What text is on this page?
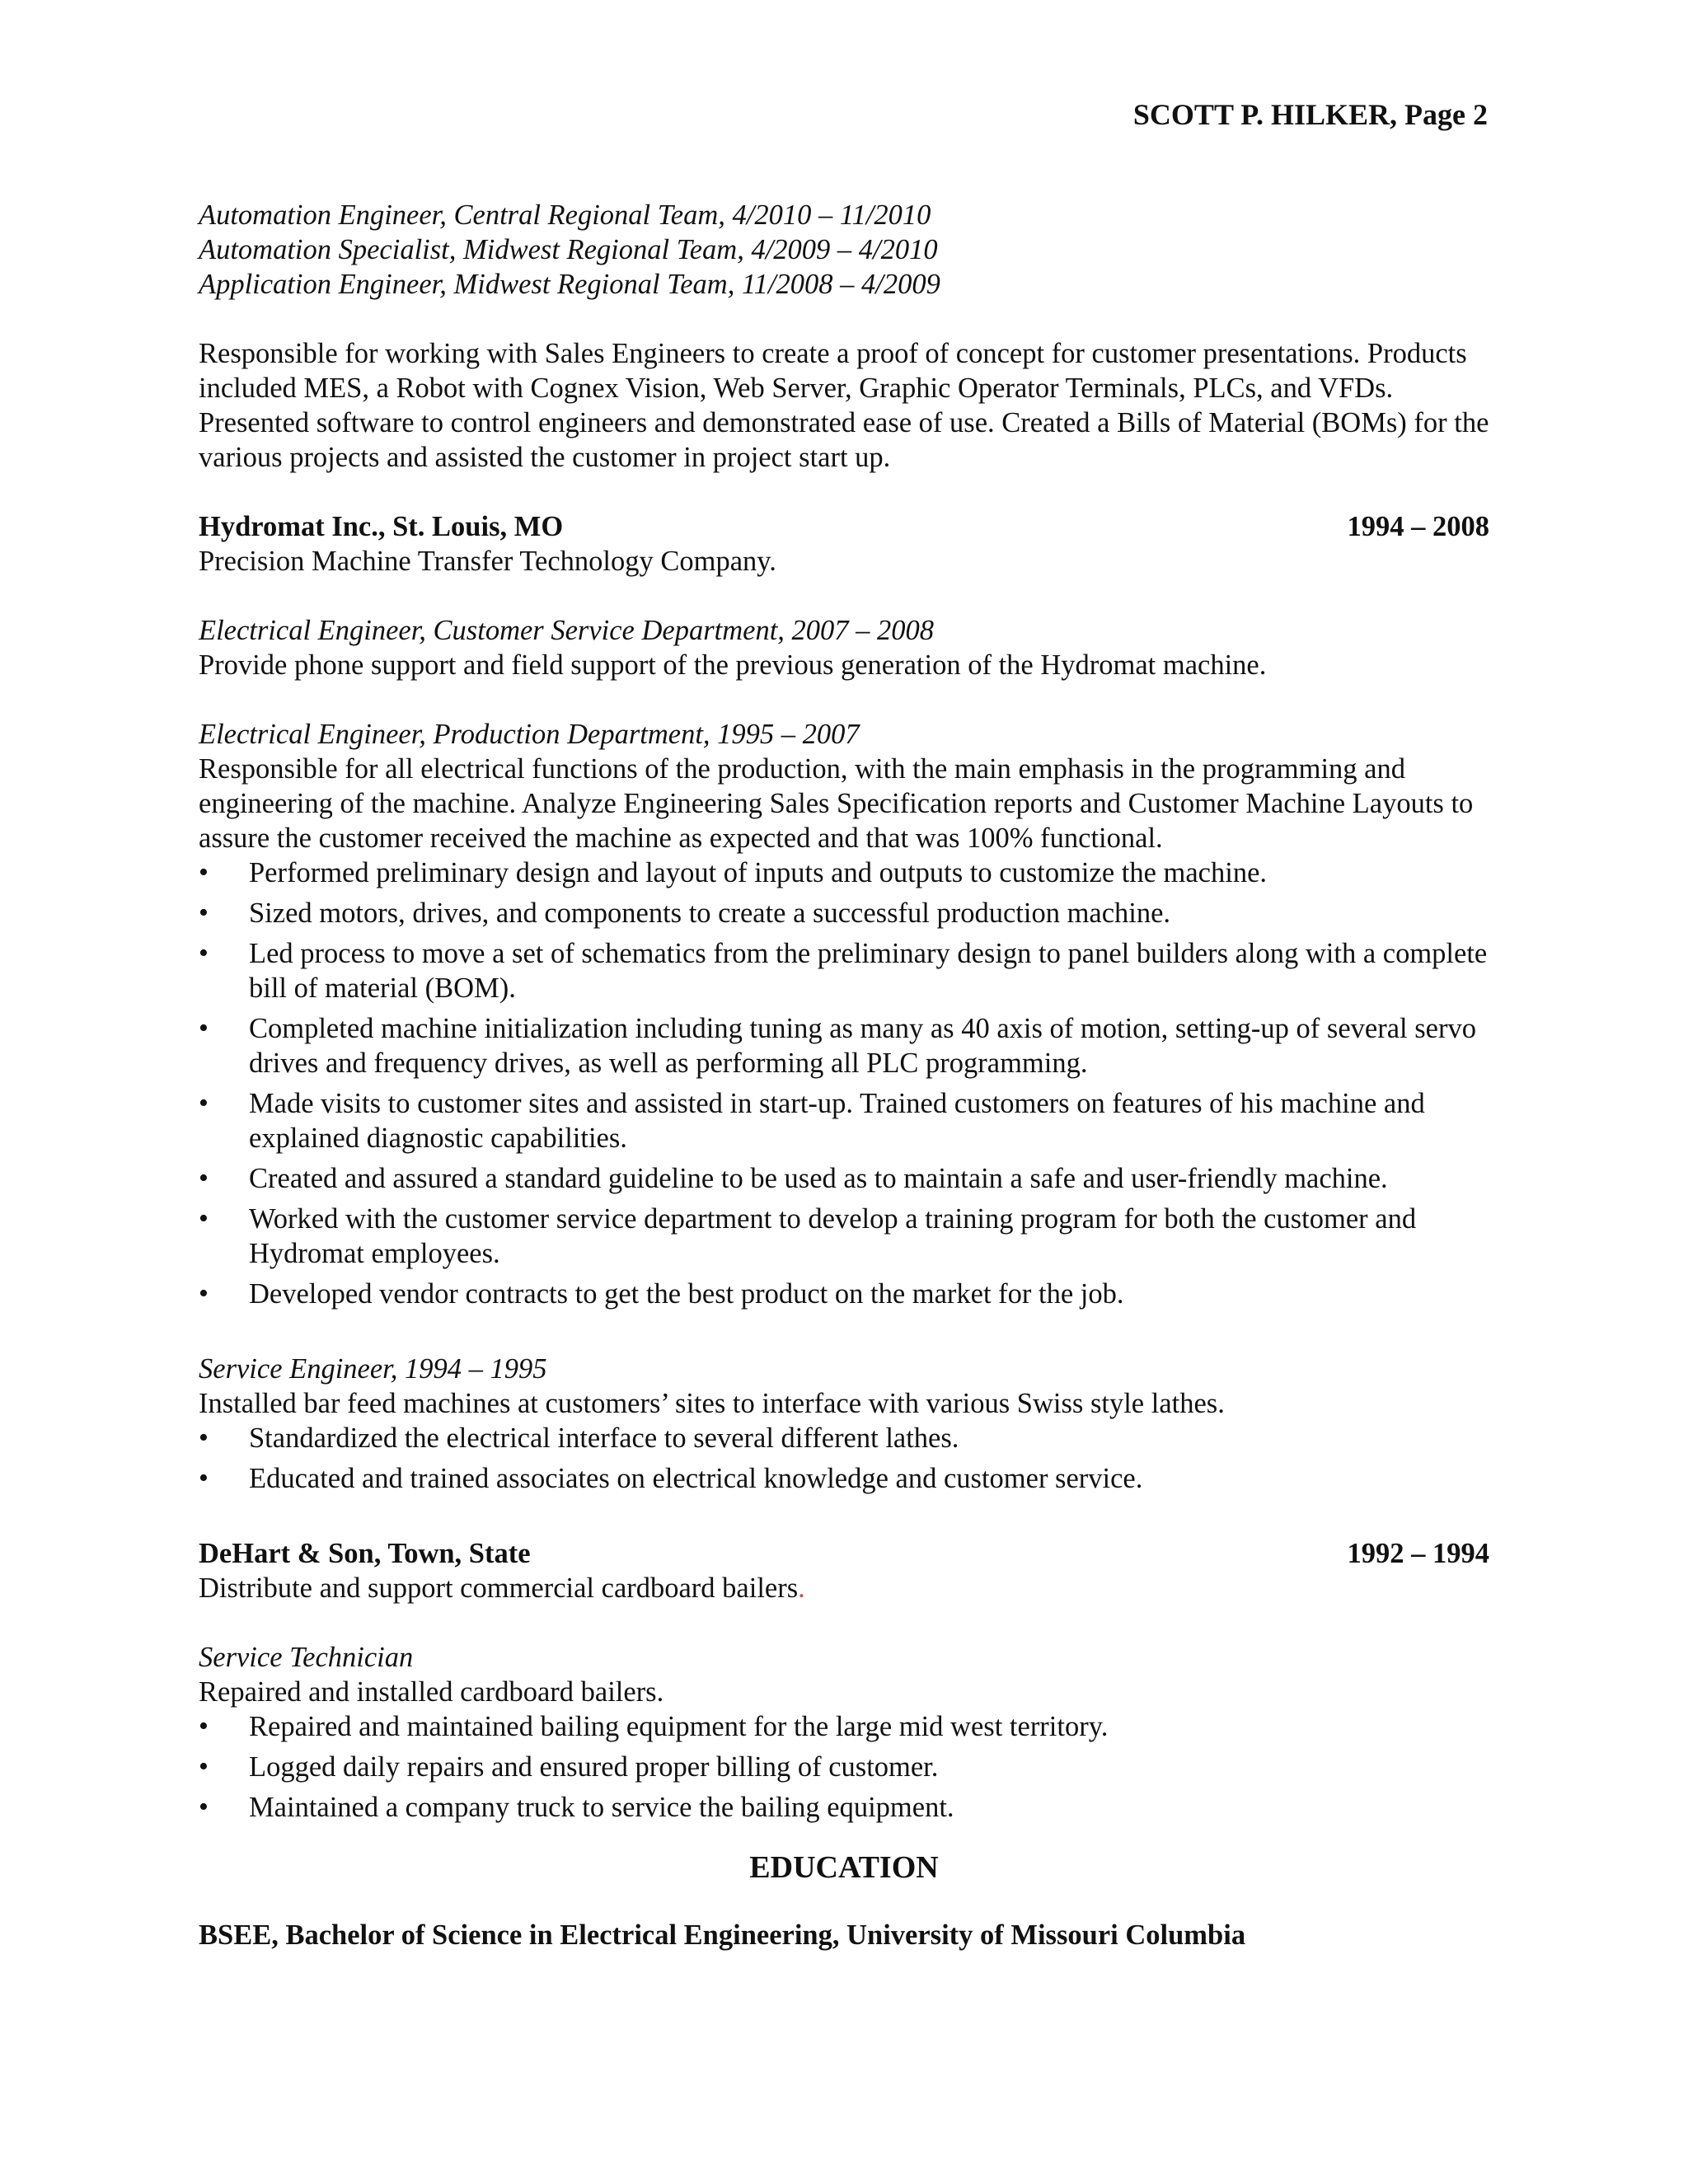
SCOTT P. HILKER, Page 2
Automation Engineer, Central Regional Team, 4/2010 – 11/2010
Automation Specialist, Midwest Regional Team, 4/2009 – 4/2010
Application Engineer, Midwest Regional Team, 11/2008 – 4/2009
Responsible for working with Sales Engineers to create a proof of concept for customer presentations. Products included MES, a Robot with Cognex Vision, Web Server, Graphic Operator Terminals, PLCs, and VFDs. Presented software to control engineers and demonstrated ease of use. Created a Bills of Material (BOMs) for the various projects and assisted the customer in project start up.
Hydromat Inc., St. Louis, MO	1994 – 2008
Precision Machine Transfer Technology Company.
Electrical Engineer, Customer Service Department, 2007 – 2008
Provide phone support and field support of the previous generation of the Hydromat machine.
Electrical Engineer, Production Department, 1995 – 2007
Responsible for all electrical functions of the production, with the main emphasis in the programming and engineering of the machine. Analyze Engineering Sales Specification reports and Customer Machine Layouts to assure the customer received the machine as expected and that was 100% functional.
• Performed preliminary design and layout of inputs and outputs to customize the machine.
• Sized motors, drives, and components to create a successful production machine.
• Led process to move a set of schematics from the preliminary design to panel builders along with a complete bill of material (BOM).
• Completed machine initialization including tuning as many as 40 axis of motion, setting-up of several servo drives and frequency drives, as well as performing all PLC programming.
• Made visits to customer sites and assisted in start-up. Trained customers on features of his machine and explained diagnostic capabilities.
• Created and assured a standard guideline to be used as to maintain a safe and user-friendly machine.
• Worked with the customer service department to develop a training program for both the customer and Hydromat employees.
• Developed vendor contracts to get the best product on the market for the job.
Service Engineer, 1994 – 1995
Installed bar feed machines at customers’ sites to interface with various Swiss style lathes.
• Standardized the electrical interface to several different lathes.
• Educated and trained associates on electrical knowledge and customer service.
DeHart & Son, Town, State	1992 – 1994
Distribute and support commercial cardboard bailers.
Service Technician
Repaired and installed cardboard bailers.
• Repaired and maintained bailing equipment for the large mid west territory.
• Logged daily repairs and ensured proper billing of customer.
• Maintained a company truck to service the bailing equipment.
EDUCATION
BSEE, Bachelor of Science in Electrical Engineering, University of Missouri Columbia
